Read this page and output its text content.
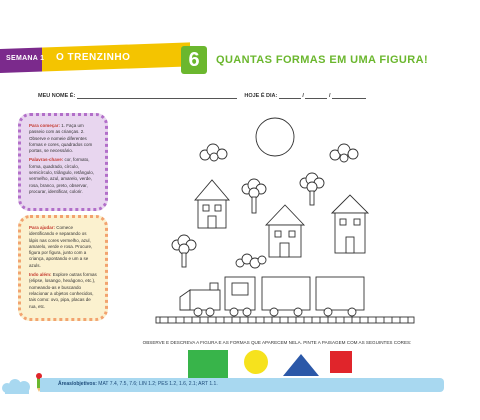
SEMANA 1 O TRENZINHO	6	QUANTAS FORMAS EM UMA FIGURA!
MEU NOME É:	HOJE É DIA:	/	/

Para começar: 1. Faça um passeio com as crianças. 2. Observe e nomeie diferentes formas e cores, quadrados com portas, se necessário.

Palavras-chave: cor, formato, forma, quadrado, círculo, semicírculo, triângulo, retângulo, vermelho, azul, amarelo, verde, rosa, branco, preto, observar, procurar, identificar, colorir.

Para ajudar: Comece identificando e separando os lápis nas cores vermelho, azul, amarelo, verde e rosa. Procure, figura por figura, junto com a criança, apontando e um a se azuls.

Indo além: Explore outras formas (elipse, losango, hexágono, etc.), nomeando-as e buscando relacionar a objetos conhecidos, tais como: ovo, pipa, placas de rua, etc.

OBSERVE E DESCREVA A FIGURA E AS FORMAS QUE APARECEM NELA. PINTE A PAISAGEM COM AS SEGUINTES CORES:
Áreas/objetivos: MAT 7.4, 7.5, 7.6; LIN 1.2; PES 1.2, 1.6, 2.1; ART 1.1.
